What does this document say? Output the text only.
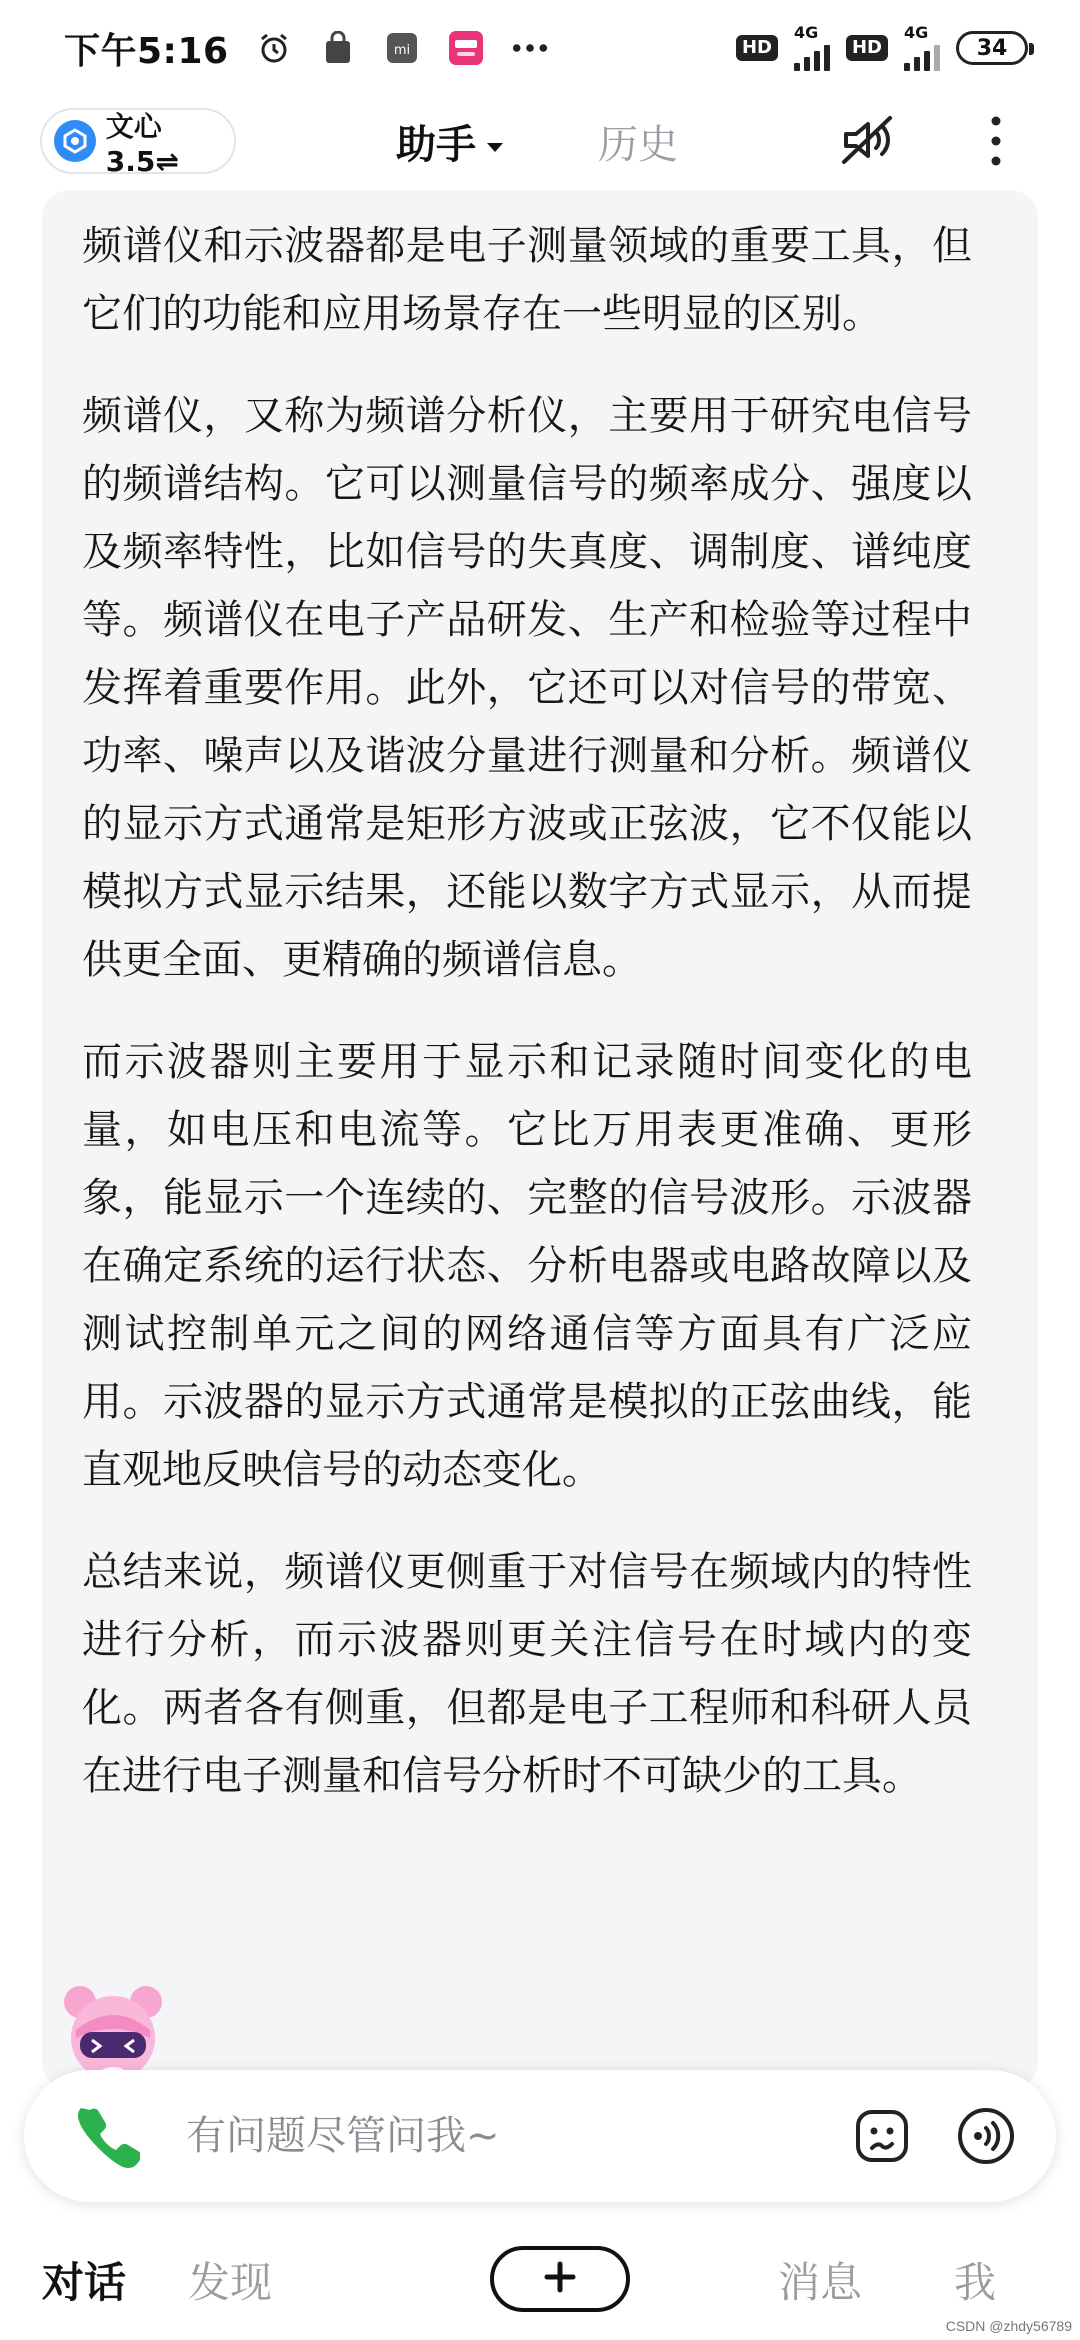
下午5:16	mi	HD
4G
HD
4G
34
文心3.5⇌	助手	历史

频谱仪和示波器都是电子测量领域的重要工具，但它们的功能和应用场景存在一些明显的区别。

频谱仪，又称为频谱分析仪，主要用于研究电信号的频谱结构。它可以测量信号的频率成分、强度以及频率特性，比如信号的失真度、调制度、谱纯度等。频谱仪在电子产品研发、生产和检验等过程中发挥着重要作用。此外，它还可以对信号的带宽、功率、噪声以及谐波分量进行测量和分析。频谱仪的显示方式通常是矩形方波或正弦波，它不仅能以模拟方式显示结果，还能以数字方式显示，从而提供更全面、更精确的频谱信息。

而示波器则主要用于显示和记录随时间变化的电量，如电压和电流等。它比万用表更准确、更形象，能显示一个连续的、完整的信号波形。示波器在确定系统的运行状态、分析电器或电路故障以及测试控制单元之间的网络通信等方面具有广泛应用。示波器的显示方式通常是模拟的正弦曲线，能直观地反映信号的动态变化。

总结来说，频谱仪更侧重于对信号在频域内的特性进行分析，而示波器则更关注信号在时域内的变化。两者各有侧重，但都是电子工程师和科研人员在进行电子测量和信号分析时不可缺少的工具。

有问题尽管问我~
对话 发现	消息 我
CSDN @zhdy56789
